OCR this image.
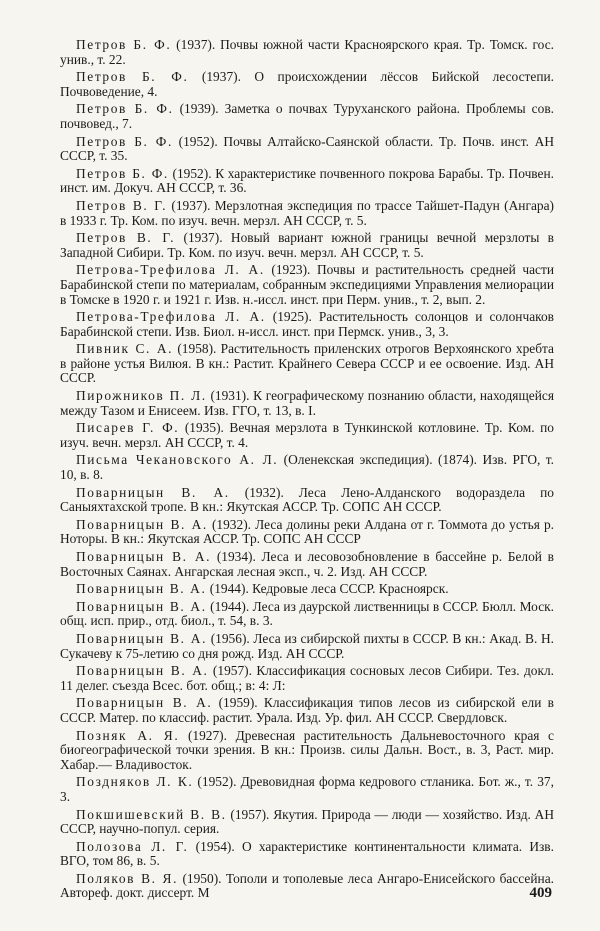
Петров Б. Ф. (1937). Почвы южной части Красноярского края. Тр. Томск. гос. унив., т. 22.

Петров Б. Ф. (1937). О происхождении лёссов Бийской лесостепи. Почвоведение, 4.

Петров Б. Ф. (1939). Заметка о почвах Туруханского района. Проблемы сов. почвовед., 7.

Петров Б. Ф. (1952). Почвы Алтайско-Саянской области. Тр. Почв. инст. АН СССР, т. 35.

Петров Б. Ф. (1952). К характеристике почвенного покрова Барабы. Тр. Почвен. инст. им. Докуч. АН СССР, т. 36.

Петров В. Г. (1937). Мерзлотная экспедиция по трассе Тайшет-Падун (Ангара) в 1933 г. Тр. Ком. по изуч. вечн. мерзл. АН СССР, т. 5.

Петров В. Г. (1937). Новый вариант южной границы вечной мерзлоты в Западной Сибири. Тр. Ком. по изуч. вечн. мерзл. АН СССР, т. 5.

Петрова-Трефилова Л. А. (1923). Почвы и растительность средней части Барабинской степи по материалам, собранным экспедициями Управления мелиорации в Томске в 1920 г. и 1921 г. Изв. н.-иссл. инст. при Перм. унив., т. 2, вып. 2.

Петрова-Трефилова Л. А. (1925). Растительность солонцов и солончаков Барабинской степи. Изв. Биол. н-иссл. инст. при Пермск. унив., 3, 3.

Пивник С. А. (1958). Растительность приленских отрогов Верхоянского хребта в районе устья Вилюя. В кн.: Растит. Крайнего Севера СССР и ее освоение. Изд. АН СССР.

Пирожников П. Л. (1931). К географическому познанию области, находящейся между Тазом и Енисеем. Изв. ГГО, т. 13, в. I.

Писарев Г. Ф. (1935). Вечная мерзлота в Тункинской котловине. Тр. Ком. по изуч. вечн. мерзл. АН СССР, т. 4.

Письма Чекановского А. Л. (Оленекская экспедиция). (1874). Изв. РГО, т. 10, в. 8.

Поварницын В. А. (1932). Леса Лено-Алданского водораздела по Саныяхтахской тропе. В кн.: Якутская АССР. Тр. СОПС АН СССР.

Поварницын В. А. (1932). Леса долины реки Алдана от г. Томмота до устья р. Ноторы. В кн.: Якутская АССР. Тр. СОПС АН СССР

Поварницын В. А. (1934). Леса и лесовозобновление в бассейне р. Белой в Восточных Саянах. Ангарская лесная эксп., ч. 2. Изд. АН СССР.

Поварницын В. А. (1944). Кедровые леса СССР. Красноярск.

Поварницын В. А. (1944). Леса из даурской лиственницы в СССР. Бюлл. Моск. общ. исп. прир., отд. биол., т. 54, в. 3.

Поварницын В. А. (1956). Леса из сибирской пихты в СССР. В кн.: Акад. В. Н. Сукачеву к 75-летию со дня рожд. Изд. АН СССР.

Поварницын В. А. (1957). Классификация сосновых лесов Сибири. Тез. докл. 11 делег. съезда Всес. бот. общ.; в: 4: Л:

Поварницын В. А. (1959). Классификация типов лесов из сибирской ели в СССР. Матер. по классиф. растит. Урала. Изд. Ур. фил. АН СССР. Свердловск.

Позняк А. Я. (1927). Древесная растительность Дальневосточного края с биогеографической точки зрения. В кн.: Произв. силы Дальн. Вост., в. 3, Раст. мир. Хабар.— Владивосток.

Поздняков Л. К. (1952). Древовидная форма кедрового стланика. Бот. ж., т. 37, 3.

Покшишевский В. В. (1957). Якутия. Природа — люди — хозяйство. Изд. АН СССР, научно-попул. серия.

Полозова Л. Г. (1954). О характеристике континентальности климата. Изв. ВГО, том 86, в. 5.

Поляков В. Я. (1950). Тополи и тополевые леса Ангаро-Енисейского бассейна. Автореф. докт. диссерт. М	409
